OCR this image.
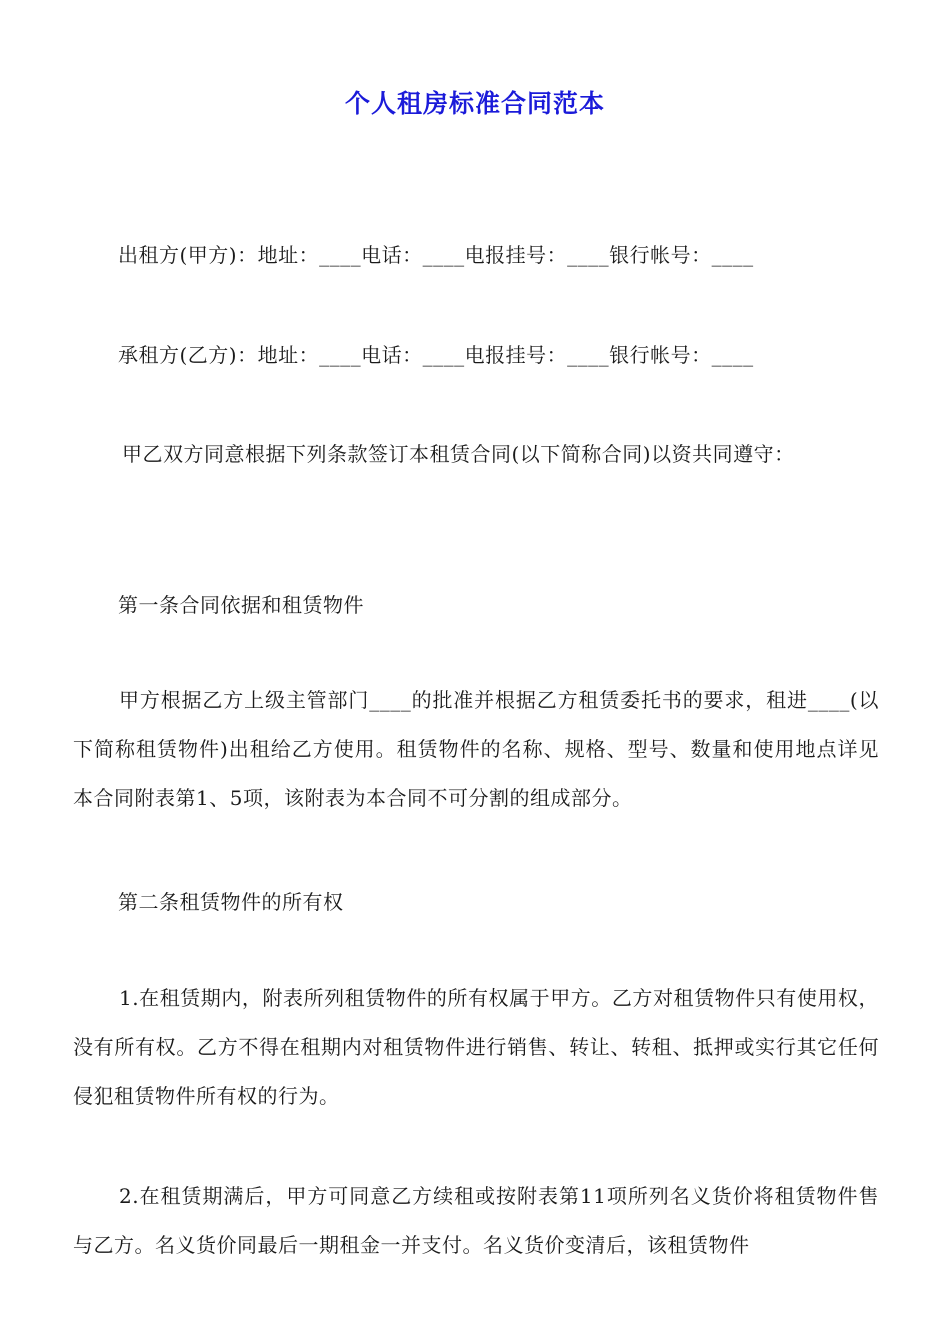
个人租房标准合同范本
出租方(甲方)：地址：____电话：____电报挂号：____银行帐号：____
承租方(乙方)：地址：____电话：____电报挂号：____银行帐号：____
甲乙双方同意根据下列条款签订本租赁合同(以下简称合同)以资共同遵守：
第一条合同依据和租赁物件
甲方根据乙方上级主管部门____的批准并根据乙方租赁委托书的要求，租进____(以下简称租赁物件)出租给乙方使用。租赁物件的名称、规格、型号、数量和使用地点详见本合同附表第1、5项，该附表为本合同不可分割的组成部分。
第二条租赁物件的所有权
1.在租赁期内，附表所列租赁物件的所有权属于甲方。乙方对租赁物件只有使用权，没有所有权。乙方不得在租期内对租赁物件进行销售、转让、转租、抵押或实行其它任何侵犯租赁物件所有权的行为。
2.在租赁期满后，甲方可同意乙方续租或按附表第11项所列名义货价将租赁物件售与乙方。名义货价同最后一期租金一并支付。名义货价变清后，该租赁物件
